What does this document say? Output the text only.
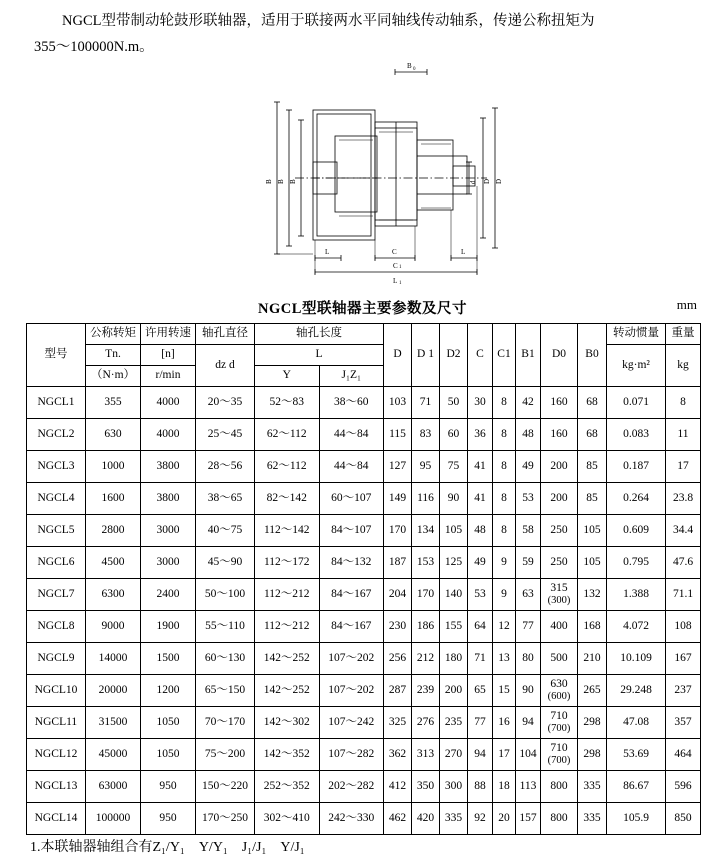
NGCL型带制动轮鼓形联轴器，适用于联接两水平同轴线传动轴系，传递公称扭矩为
355～100000N.m。
B 0
B B B	D
D
d
L	C	L
C 1
L 1
NGCL型联轴器主要参数及尺寸	mm
型号	公称转矩	许用转速	轴孔直径	轴孔长度		D	D 1	D2	C	C1	B1	D0	B0	转动惯量	重量
	Tn.	[n]	dz d	L										kg·m²	kg
	（N·m）	r/min		Y	J₁Z₁										
NGCL1	355	4000	20～35	52～83	38～60	103	71	50	30	8	42	160	68	0.071	8
NGCL2	630	4000	25～45	62～112	44～84	115	83	60	36	8	48	160	68	0.083	11
NGCL3	1000	3800	28～56	62～112	44～84	127	95	75	41	8	49	200	85	0.187	17
NGCL4	1600	3800	38～65	82～142	60～107	149	116	90	41	8	53	200	85	0.264	23.8
NGCL5	2800	3000	40～75	112～142	84～107	170	134	105	48	8	58	250	105	0.609	34.4
NGCL6	4500	3000	45～90	112～172	84～132	187	153	125	49	9	59	250	105	0.795	47.6
NGCL7	6300	2400	50～100	112～212	84～167	204	170	140	53	9	63	315
(300)	132	1.388	71.1
NGCL8	9000	1900	55～110	112～212	84～167	230	186	155	64	12	77	400	168	4.072	108
NGCL9	14000	1500	60～130	142～252	107～202	256	212	180	71	13	80	500	210	10.109	167
NGCL10	20000	1200	65～150	142～252	107～202	287	239	200	65	15	90	630
(600)	265	29.248	237
NGCL11	31500	1050	70～170	142～302	107～242	325	276	235	77	16	94	710
(700)	298	47.08	357
NGCL12	45000	1050	75～200	142～352	107～282	362	313	270	94	17	104	710
(700)	298	53.69	464
NGCL13	63000	950	150～220	252～352	202～282	412	350	300	88	18	113	800	335	86.67	596
NGCL14	100000	950	170～250	302～410	242～330	462	420	335	92	20	157	800	335	105.9	850
1.本联轴器轴组合有Z₁/Y₁　Y/Y₁　J₁/J₁　Y/J₁
